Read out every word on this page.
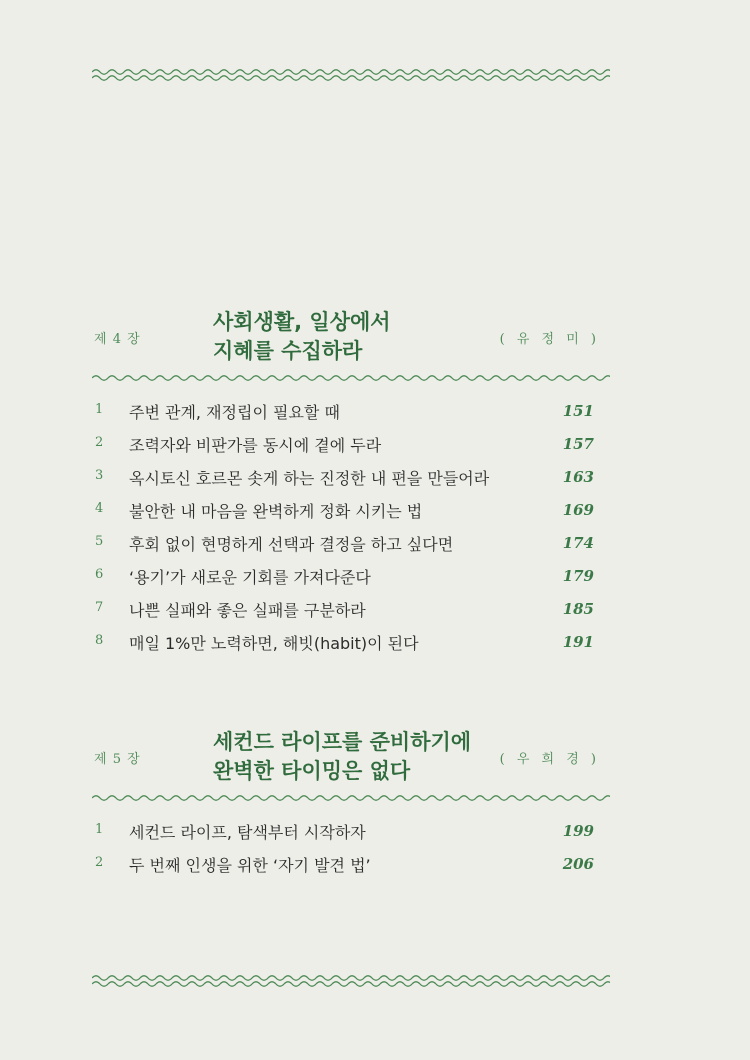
제 4 장
사회생활, 일상에서
지혜를 수집하라	( 유 정 미 )
1 주변 관계, 재정립이 필요할 때	151
2 조력자와 비판가를 동시에 곁에 두라	157
3 옥시토신 호르몬 솟게 하는 진정한 내 편을 만들어라	163
4 불안한 내 마음을 완벽하게 정화 시키는 법	169
5 후회 없이 현명하게 선택과 결정을 하고 싶다면	174
6 ‘용기’가 새로운 기회를 가져다준다	179
7 나쁜 실패와 좋은 실패를 구분하라	185
8 매일 1%만 노력하면, 해빗(habit)이 된다	191
제 5 장
세컨드 라이프를 준비하기에
완벽한 타이밍은 없다	( 우 희 경 )
1 세컨드 라이프, 탐색부터 시작하자	199
2 두 번째 인생을 위한 ‘자기 발견 법’	206
